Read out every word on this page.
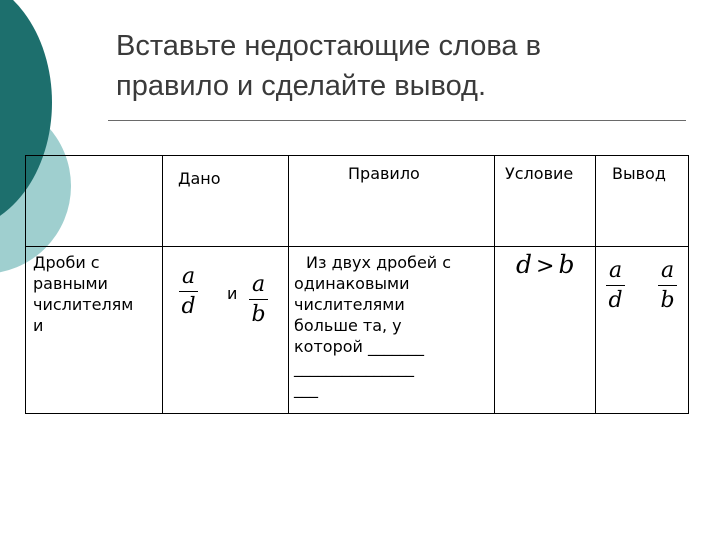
Вставьте недостающие слова в
правило и сделайте вывод.
Дано	Правило	Условие Вывод
Дроби с
равными
числителям
и
a
d
и a
b
Из двух дробей с
одинаковыми
числителями
больше та, у
которой _______
_______________
___
d > b a
d
a
b
